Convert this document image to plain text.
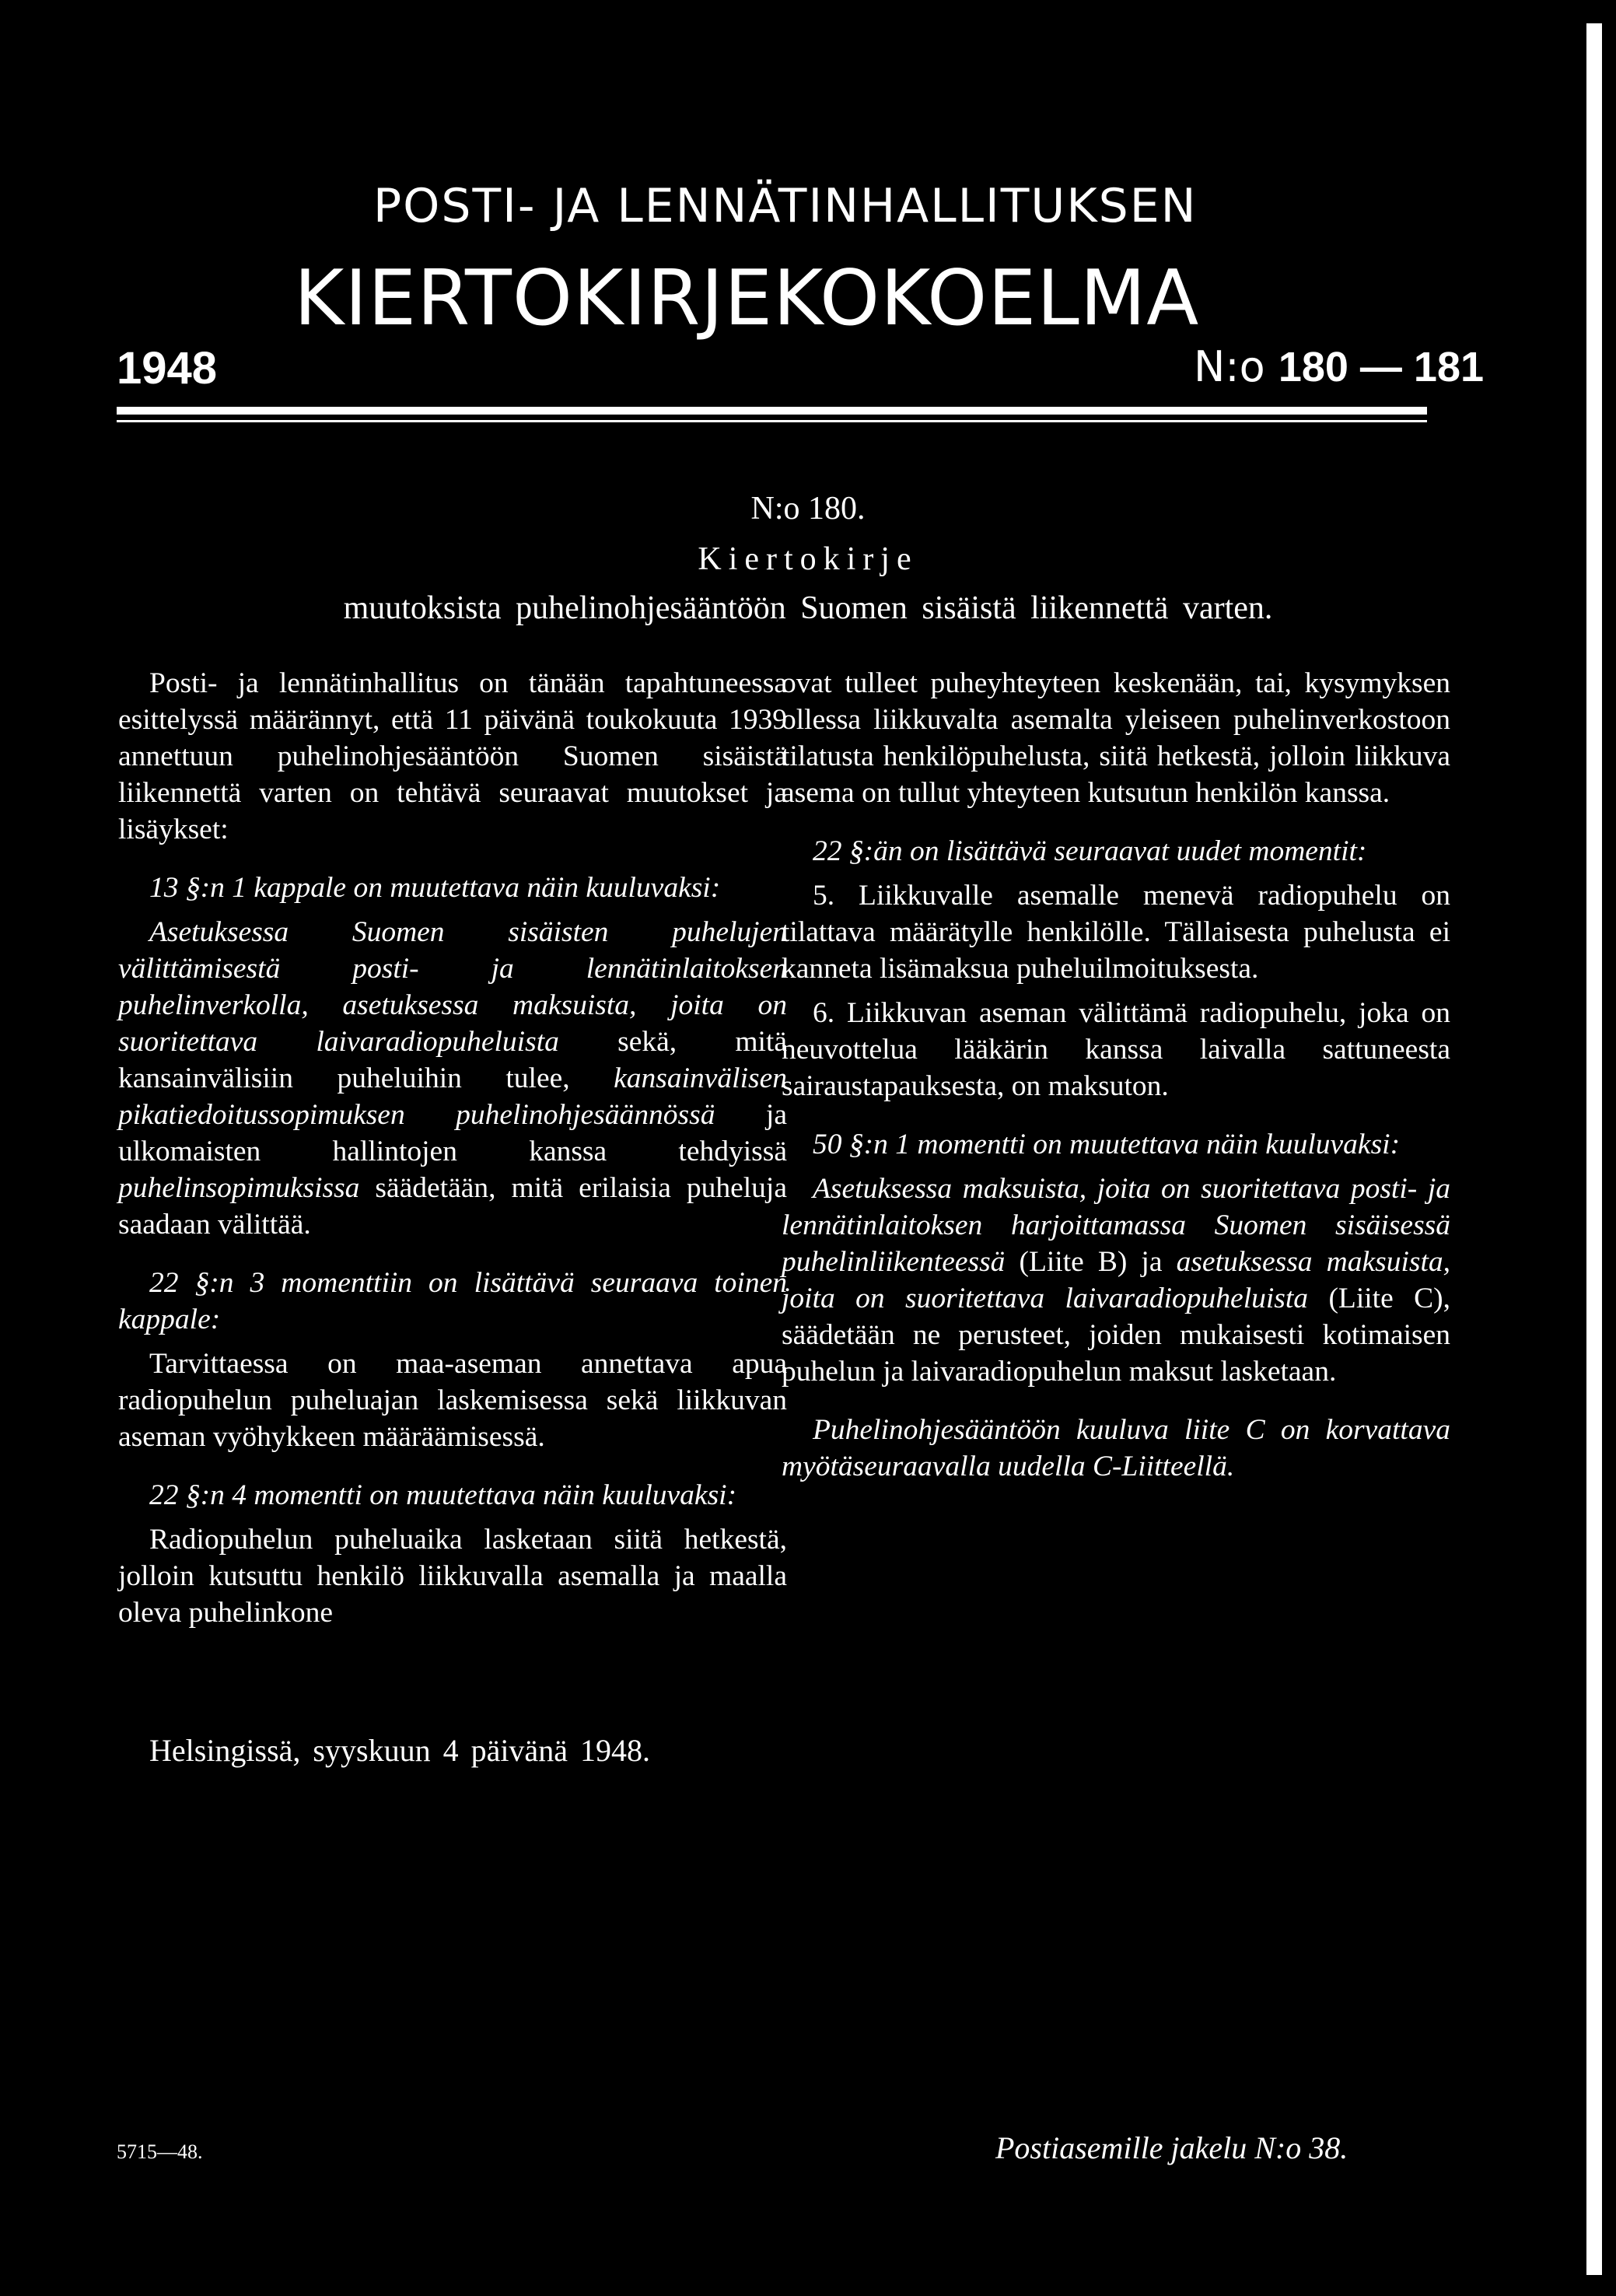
POSTI- JA LENNÄTINHALLITUKSEN
KIERTOKIRJEKOKOELMA
1948	N:o 180 — 181
N:o 180.
Kiertokirje
muutoksista puhelinohjesääntöön Suomen sisäistä liikennettä varten.

Posti- ja lennätinhallitus on tänään tapahtuneessa esittelyssä määrännyt, että 11 päivänä toukokuuta 1939 annettuun puhelinohjesääntöön Suomen sisäistä liikennettä varten on tehtävä seuraavat muutokset ja lisäykset:

13 §:n 1 kappale on muutettava näin kuuluvaksi:

Asetuksessa Suomen sisäisten puhelujen välittämisestä posti- ja lennätinlaitoksen puhelinverkolla, asetuksessa maksuista, joita on suoritettava laivaradiopuheluista sekä, mitä kansainvälisiin puheluihin tulee, kansainvälisen pikatiedoitussopimuksen puhelinohjesäännössä ja ulkomaisten hallintojen kanssa tehdyissä puhelinsopimuksissa säädetään, mitä erilaisia puheluja saadaan välittää.

22 §:n 3 momenttiin on lisättävä seuraava toinen kappale:

Tarvittaessa on maa-aseman annettava apua radiopuhelun puheluajan laskemisessa sekä liikkuvan aseman vyöhykkeen määräämisessä.

22 §:n 4 momentti on muutettava näin kuuluvaksi:

Radiopuhelun puheluaika lasketaan siitä hetkestä, jolloin kutsuttu henkilö liikkuvalla asemalla ja maalla oleva puhelinkone

ovat tulleet puheyhteyteen keskenään, tai, kysymyksen ollessa liikkuvalta asemalta yleiseen puhelinverkostoon tilatusta henkilöpuhelusta, siitä hetkestä, jolloin liikkuva asema on tullut yhteyteen kutsutun henkilön kanssa.

22 §:än on lisättävä seuraavat uudet momentit:

5. Liikkuvalle asemalle menevä radiopuhelu on tilattava määrätylle henkilölle. Tällaisesta puhelusta ei kanneta lisämaksua puheluilmoituksesta.

6. Liikkuvan aseman välittämä radiopuhelu, joka on neuvottelua lääkärin kanssa laivalla sattuneesta sairaustapauksesta, on maksuton.

50 §:n 1 momentti on muutettava näin kuuluvaksi:

Asetuksessa maksuista, joita on suoritettava posti- ja lennätinlaitoksen harjoittamassa Suomen sisäisessä puhelinliikenteessä (Liite B) ja asetuksessa maksuista, joita on suoritettava laivaradiopuheluista (Liite C), säädetään ne perusteet, joiden mukaisesti kotimaisen puhelun ja laivaradiopuhelun maksut lasketaan.

Puhelinohjesääntöön kuuluva liite C on korvattava myötäseuraavalla uudella C-Liitteellä.

Helsingissä, syyskuun 4 päivänä 1948.
5715—48.	Postiasemille jakelu N:o 38.
